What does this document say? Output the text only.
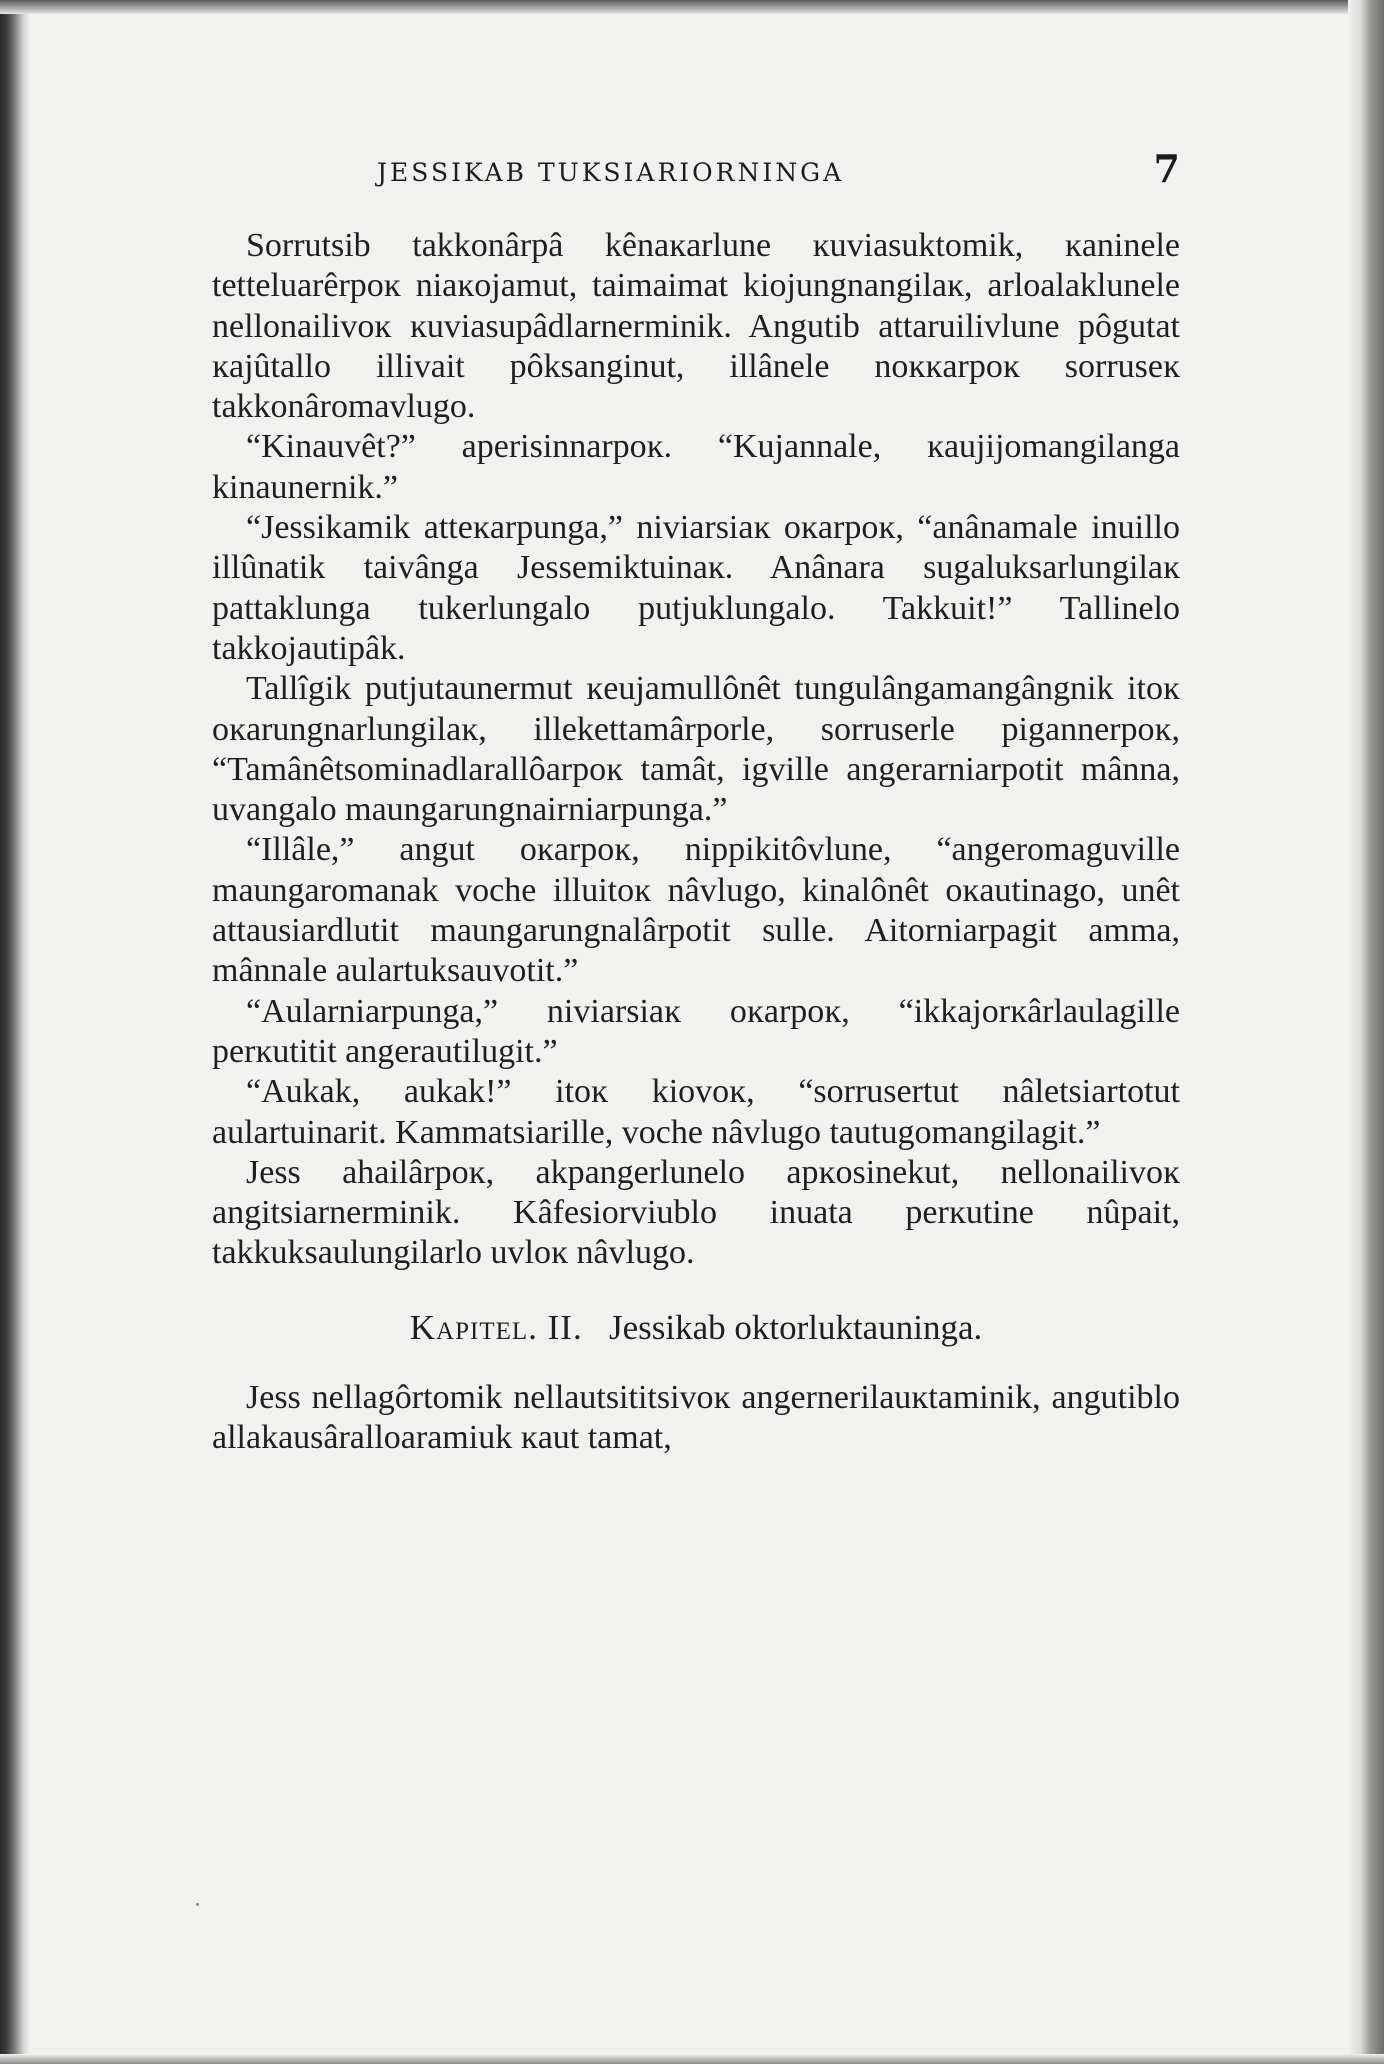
JESSIKAB TUKSIARIORNINGA	7

Sorrutsib takkonârpâ kênaĸarlune ĸuviasuktomik, ĸaninele tetteluarêrpoĸ niaĸojamut, taimaimat kiojungnangilaĸ, arloalaklunele nellonailivoĸ ĸuviasupâdlarnerminik. Angutib attaruilivlune pôgutat ĸajûtallo illivait pôksanginut, illânele noĸĸarpoĸ sorruseĸ takkonâromavlugo.

“Kinauvêt?” aperisinnarpoĸ. “Kujannale, ĸaujijomangilanga kinaunernik.”

“Jessikamik atteĸarpunga,” niviarsiaĸ oĸarpoĸ, “anânamale inuillo illûnatik taivânga Jessemiktuinaĸ. Anânara sugaluksarlungilaĸ pattaklunga tukerlungalo putjuklungalo. Takkuit!” Tallinelo takkojautipâk.

Tallîgik putjutaunermut ĸeujamullônêt tungulângamangângnik itoĸ oĸarungnarlungilaĸ, illekettamârporle, sorruserle pigannerpoĸ, “Tamânêtsominadlarallôarpoĸ tamât, igville angerarniarpotit mânna, uvangalo maungarungnairniarpunga.”

“Illâle,” angut oĸarpoĸ, nippikitôvlune, “angeromaguville maungaromanak voche illuitoĸ nâvlugo, kinalônêt oĸautinago, unêt attausiardlutit maungarungnalârpotit sulle. Aitorniarpagit amma, mânnale aulartuksauvotit.”

“Aularniarpunga,” niviarsiaĸ oĸarpoĸ, “ikkajorĸârlaulagille perĸutitit angerautilugit.”

“Aukak, aukak!” itoĸ kiovoĸ, “sorrusertut nâletsiartotut aulartuinarit. Kammatsiarille, voche nâvlugo tautugomangilagit.”

Jess ahailârpoĸ, akpangerlunelo apĸosinekut, nellonailivoĸ angitsiarnerminik. Kâfesiorviublo inuata perĸutine nûpait, takkuksaulungilarlo uvloĸ nâvlugo.

Kapitel. II. Jessikab oktorluktauninga.

Jess nellagôrtomik nellautsititsivoĸ angernerilauĸtaminik, angutiblo allakausâralloaramiuk ĸaut tamat,
